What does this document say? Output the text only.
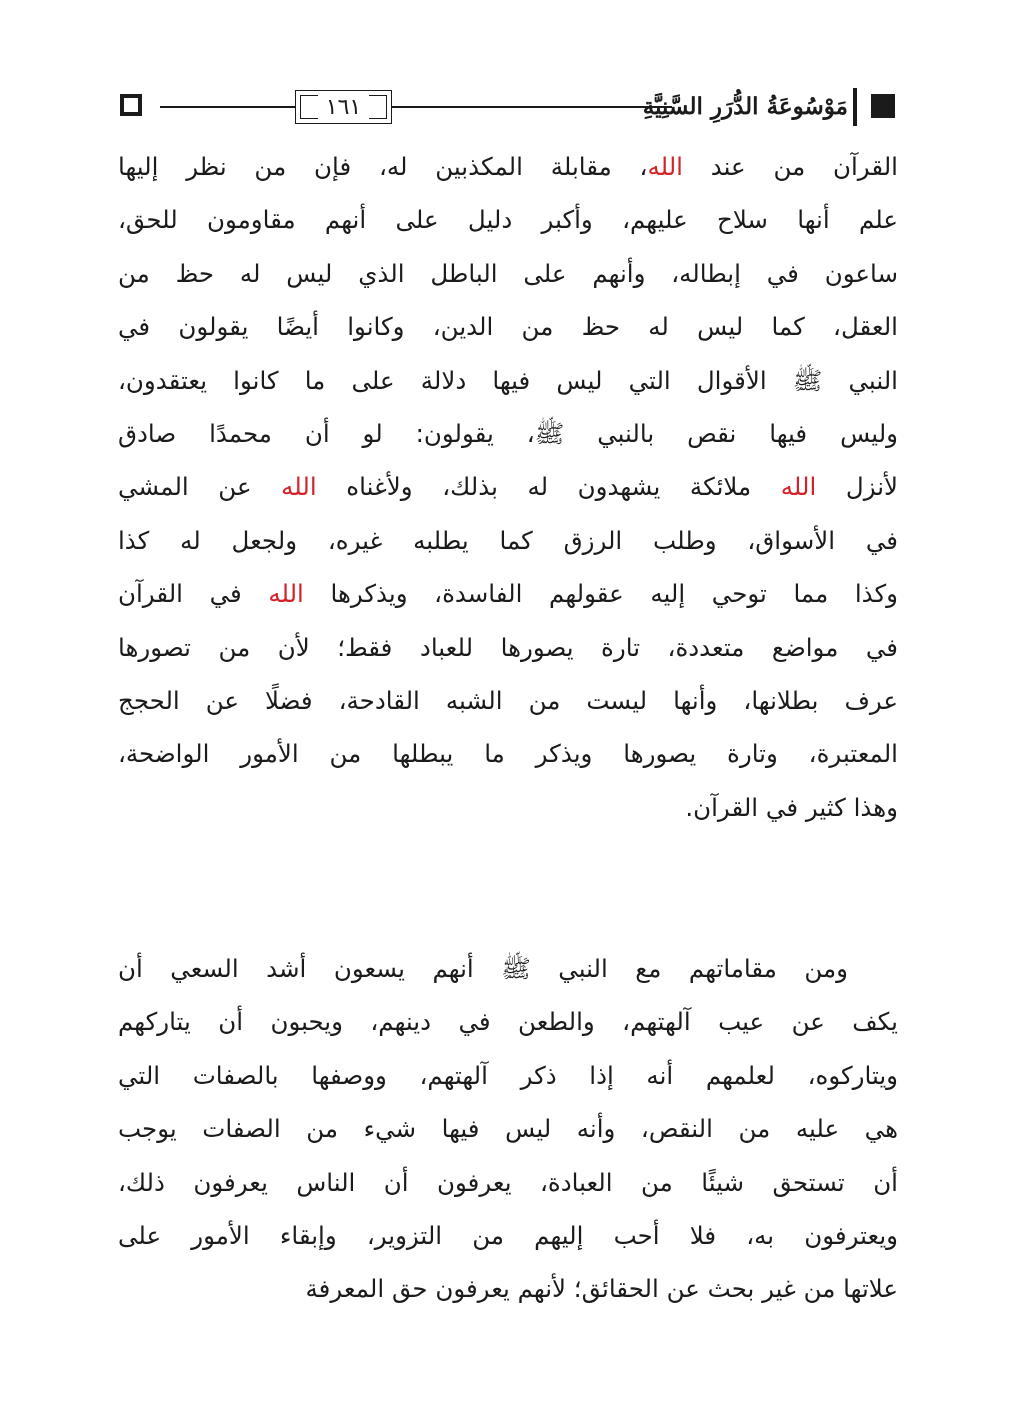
١٦١	مَوْسُوعَةُ الدُّرَرِ السَّنِيَّةِ
القرآن من عند الله، مقابلة المكذبين له، فإن من نظر إليها
علم أنها سلاح عليهم، وأكبر دليل على أنهم مقاومون للحق،
ساعون في إبطاله، وأنهم على الباطل الذي ليس له حظ من
العقل، كما ليس له حظ من الدين، وكانوا أيضًا يقولون في
النبي ﷺ الأقوال التي ليس فيها دلالة على ما كانوا يعتقدون،
وليس فيها نقص بالنبي ﷺ، يقولون: لو أن محمدًا صادق
لأنزل الله ملائكة يشهدون له بذلك، ولأغناه الله عن المشي
في الأسواق، وطلب الرزق كما يطلبه غيره، ولجعل له كذا
وكذا مما توحي إليه عقولهم الفاسدة، ويذكرها الله في القرآن
في مواضع متعددة، تارة يصورها للعباد فقط؛ لأن من تصورها
عرف بطلانها، وأنها ليست من الشبه القادحة، فضلًا عن الحجج
المعتبرة، وتارة يصورها ويذكر ما يبطلها من الأمور الواضحة،
وهذا كثير في القرآن.
ومن مقاماتهم مع النبي ﷺ أنهم يسعون أشد السعي أن
يكف عن عيب آلهتهم، والطعن في دينهم، ويحبون أن يتاركهم
ويتاركوه، لعلمهم أنه إذا ذكر آلهتهم، ووصفها بالصفات التي
هي عليه من النقص، وأنه ليس فيها شيء من الصفات يوجب
أن تستحق شيئًا من العبادة، يعرفون أن الناس يعرفون ذلك،
ويعترفون به، فلا أحب إليهم من التزوير، وإبقاء الأمور على
علاتها من غير بحث عن الحقائق؛ لأنهم يعرفون حق المعرفة
